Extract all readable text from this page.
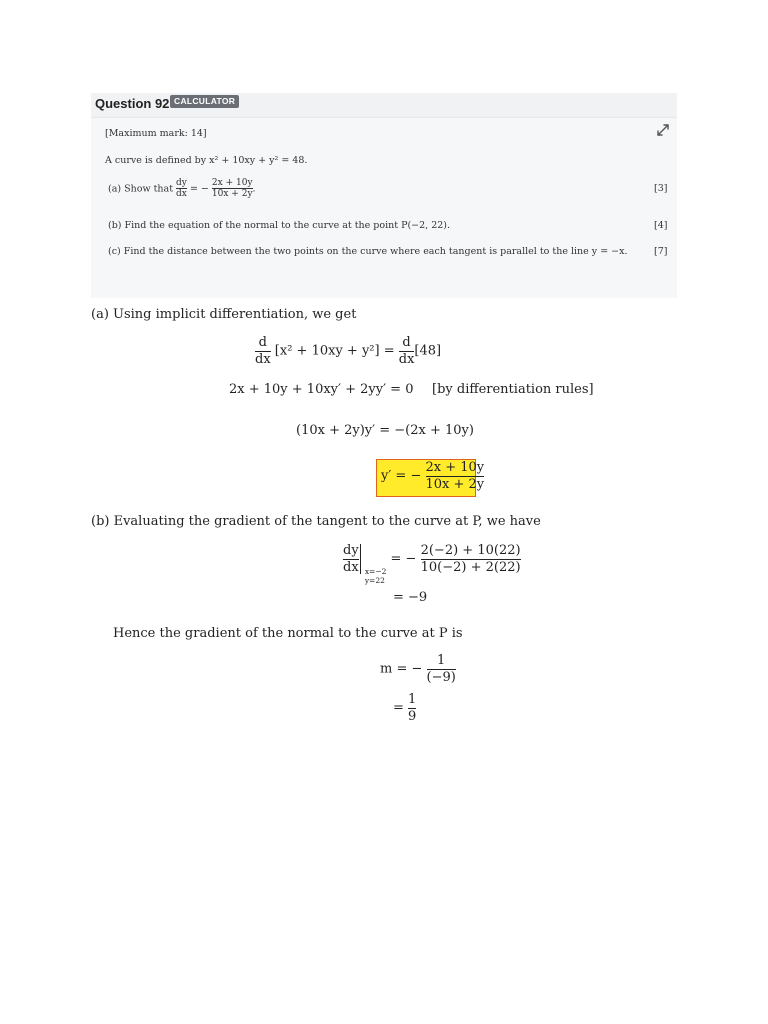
Question 92 CALCULATOR
[Maximum mark: 14]
A curve is defined by x² + 10xy + y² = 48.
(a) Show that $\frac{dy}{dx}$ = − $\frac{2x + 10y}{10x + 2y}$ .	[3]
(b) Find the equation of the normal to the curve at the point P(−2, 22).	[4]
(c) Find the distance between the two points on the curve where each tangent is parallel to the line y = −x.	[7]
(a) Using implicit differentiation, we get
$\frac{d}{dx} [x^2 + 10xy + y^2] = \frac{d}{dx} [48]$
2x + 10y + 10xy′ + 2yy′ = 0 [by differentiation rules]
(10x + 2y)y′ = −(2x + 10y)
y′ = − $\frac{2x + 10y}{10x + 2y}$
(b) Evaluating the gradient of the tangent to the curve at P, we have
$\frac{dy}{dx}$
x=−2
y=22
= − $\frac{2(-2) + 10(22)}{10(-2) + 2(22)}$
= −9
Hence the gradient of the normal to the curve at P is
m = − $\frac{1}{(-9)}$
= $\frac{1}{9}$
